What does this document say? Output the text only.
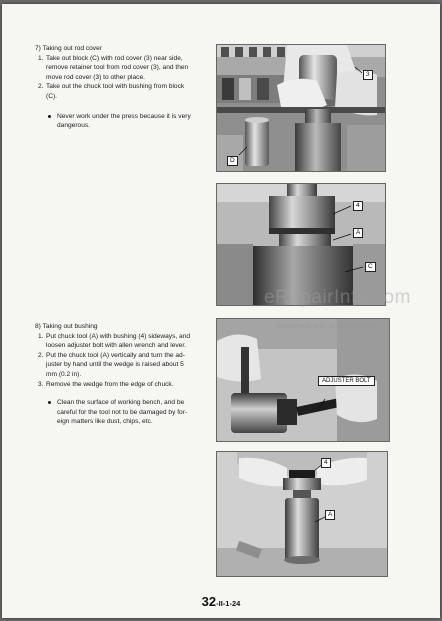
7) Taking out rod cover

1. Take out block (C) with rod cover (3) near side,

remove retainer tool from rod cover (3), and then

move rod cover (3) to other place.

2. Take out the chuck tool with bushing from block

(C).

Never work under the press because it is very

dangerous.

8) Taking out bushing

1. Put chuck tool (A) with bushing (4) sideways, and

loosen adjuster bolt with allen wrench and lever.

2. Put the chuck tool (A) vertically and turn the ad-

juster by hand until the wedge is raised about 5

mm (0.2 in).

3. Remove the wedge from the edge of chuck.

Clean the surface of working bench, and be

careful for the tool not to be damaged by for-

eign matters like dust, chips, etc.

3
D
4
A
C
ADJUSTER BOLT
4
A
eRepairInfo.com
watermark only on this sample
32-II-1-24
